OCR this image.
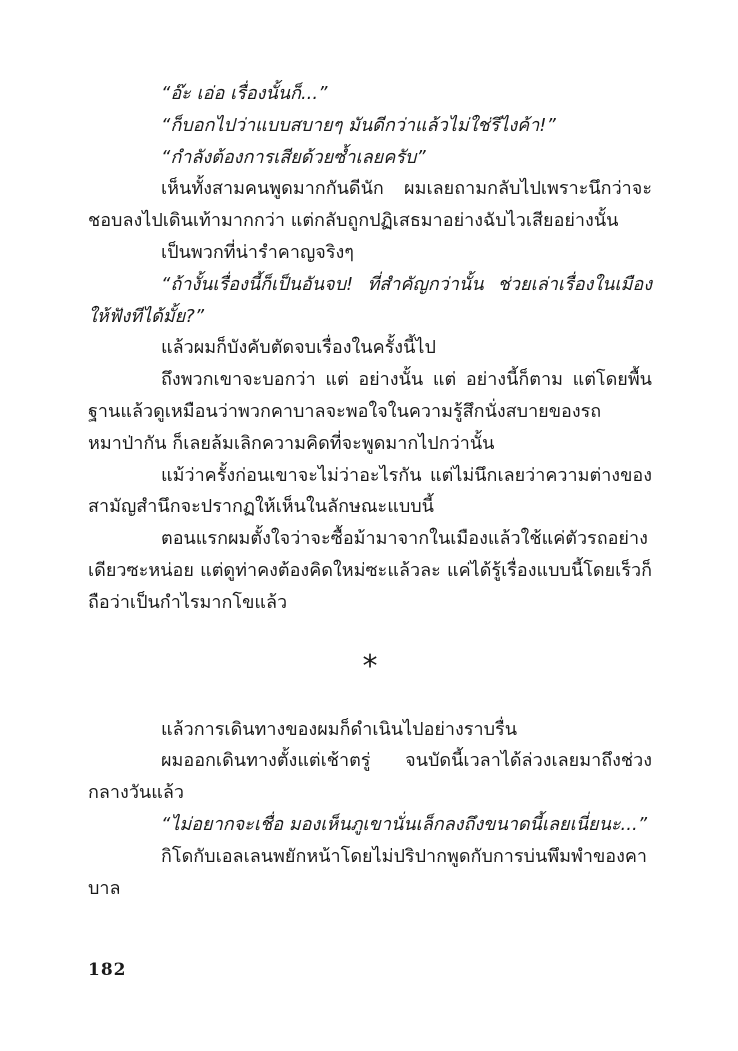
“อ๊ะ เอ่อ เรื่องนั้นก็...”

“ก็บอกไปว่าแบบสบายๆ มันดีกว่าแล้วไม่ใช่รึไงค้า!”

“กำลังต้องการเสียด้วยซ้ำเลยครับ”

เห็นทั้งสามคนพูดมากกันดีนัก ผมเลยถามกลับไปเพราะนึกว่าจะชอบลงไปเดินเท้ามากกว่า แต่กลับถูกปฏิเสธมาอย่างฉับไวเสียอย่างนั้น

เป็นพวกที่น่ารำคาญจริงๆ

“ถ้างั้นเรื่องนี้ก็เป็นอันจบ! ที่สำคัญกว่านั้น ช่วยเล่าเรื่องในเมืองให้ฟังทีได้มั้ย?”

แล้วผมก็บังคับตัดจบเรื่องในครั้งนี้ไป

ถึงพวกเขาจะบอกว่า แต่ อย่างนั้น แต่ อย่างนี้ก็ตาม แต่โดยพื้นฐานแล้วดูเหมือนว่าพวกคาบาลจะพอใจในความรู้สึกนั่งสบายของรถหมาป่ากัน ก็เลยล้มเลิกความคิดที่จะพูดมากไปกว่านั้น

แม้ว่าครั้งก่อนเขาจะไม่ว่าอะไรกัน แต่ไม่นึกเลยว่าความต่างของสามัญสำนึกจะปรากฏให้เห็นในลักษณะแบบนี้

ตอนแรกผมตั้งใจว่าจะซื้อม้ามาจากในเมืองแล้วใช้แค่ตัวรถอย่างเดียวซะหน่อย แต่ดูท่าคงต้องคิดใหม่ซะแล้วละ แค่ได้รู้เรื่องแบบนี้โดยเร็วก็ถือว่าเป็นกำไรมากโขแล้ว

*

แล้วการเดินทางของผมก็ดำเนินไปอย่างราบรื่น

ผมออกเดินทางตั้งแต่เช้าตรู่ จนบัดนี้เวลาได้ล่วงเลยมาถึงช่วงกลางวันแล้ว

“ไม่อยากจะเชื่อ มองเห็นภูเขานั่นเล็กลงถึงขนาดนี้เลยเนี่ยนะ...”

กิโดกับเอลเลนพยักหน้าโดยไม่ปริปากพูดกับการบ่นพึมพำของคาบาล

182
